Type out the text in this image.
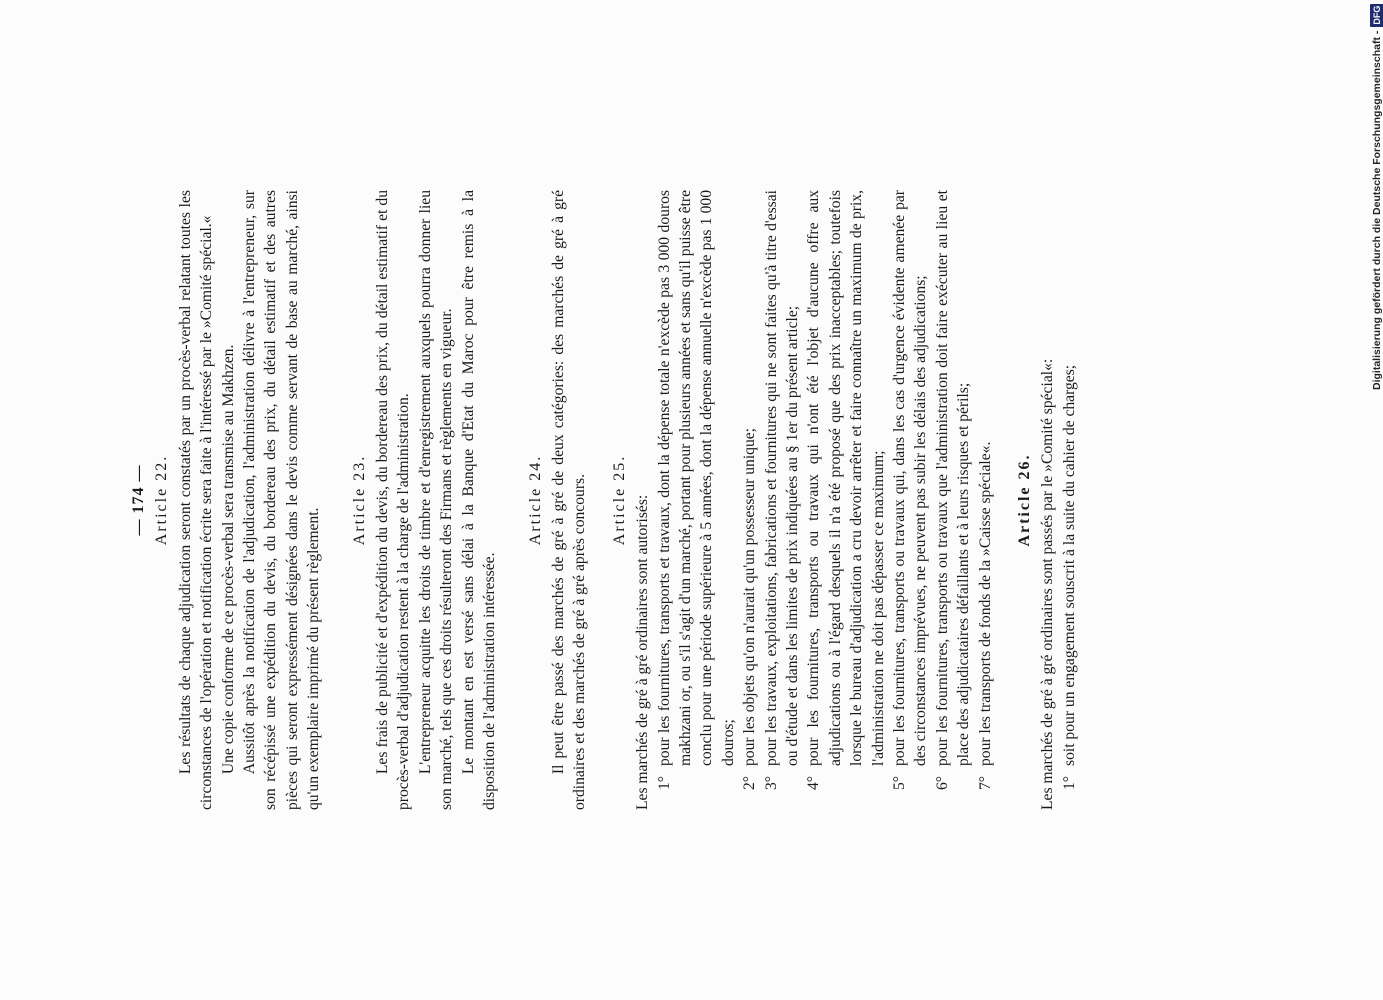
— 174 — Article 22. Les résultats de chaque adjudication seront constatés par un procès-verbal relatant toutes les circonstances de l'opération et notification écrite sera faite à l'intéressé par le »Comité spécial.« Une copie conforme de ce procès-verbal sera transmise au Makhzen. Aussitôt après la notification de l'adjudication, l'administration délivre à l'entrepreneur, sur son récépissé une expédition du devis, du bordereau des prix, du détail estimatif et des autres pièces qui seront expressément désignées dans le devis comme servant de base au marché, ainsi qu'un exemplaire imprimé du présent règlement.

Article 23. Les frais de publicité et d'expédition du devis, du bordereau des prix, du détail estimatif et du procès-verbal d'adjudication restent à la charge de l'administration. L'entrepreneur acquitte les droits de timbre et d'enregistrement auxquels pourra donner lieu son marché, tels que ces droits résulteront des Firmans et règlements en vigueur. Le montant en est versé sans délai à la Banque d'Etat du Maroc pour être remis à la disposition de l'administration intéressée.

Article 24. Il peut être passé des marchés de gré à gré de deux catégories: des marchés de gré à gré ordinaires et des marchés de gré à gré après concours. Article 25. Les marchés de gré à gré ordinaires sont autorisés: 1°
pour les fournitures, transports et travaux, dont la dépense totale n'excède pas 3 000 douros makhzani or, ou s'il s'agit d'un marché, portant pour plusieurs années et sans qu'il puisse être conclu pour une période supérieure à 5 années, dont la dépense annuelle n'excède pas 1 000 douros;
2°
pour les objets qu'on n'aurait qu'un possesseur unique;
3°
pour les travaux, exploitations, fabrications et fournitures qui ne sont faites qu'à titre d'essai ou d'étude et dans les limites de prix indiquées au § 1er du présent article;
4°
pour les fournitures, transports ou travaux qui n'ont été l'objet d'aucune offre aux adjudications ou à l'égard desquels il n'a été proposé que des prix inacceptables; toutefois lorsque le bureau d'adjudication a cru devoir arrêter et faire connaître un maximum de prix, l'administration ne doit pas dépasser ce maximum;
5°
pour les fournitures, transports ou travaux qui, dans les cas d'urgence évidente amenée par des circonstances imprévues, ne peuvent pas subir les délais des adjudications;
6°
pour les fournitures, transports ou travaux que l'administration doit faire exécuter au lieu et place des adjudicataires défaillants et à leurs risques et périls;
7°
pour les transports de fonds de la »Caisse spéciale«. Article 26. Les marchés de gré à gré ordinaires sont passés par le »Comité spécial«: 1°
soit pour un engagement souscrit à la suite du cahier de charges;
Digitalisierung gefördert durch die Deutsche Forschungsgemeinschaft -
DFG
